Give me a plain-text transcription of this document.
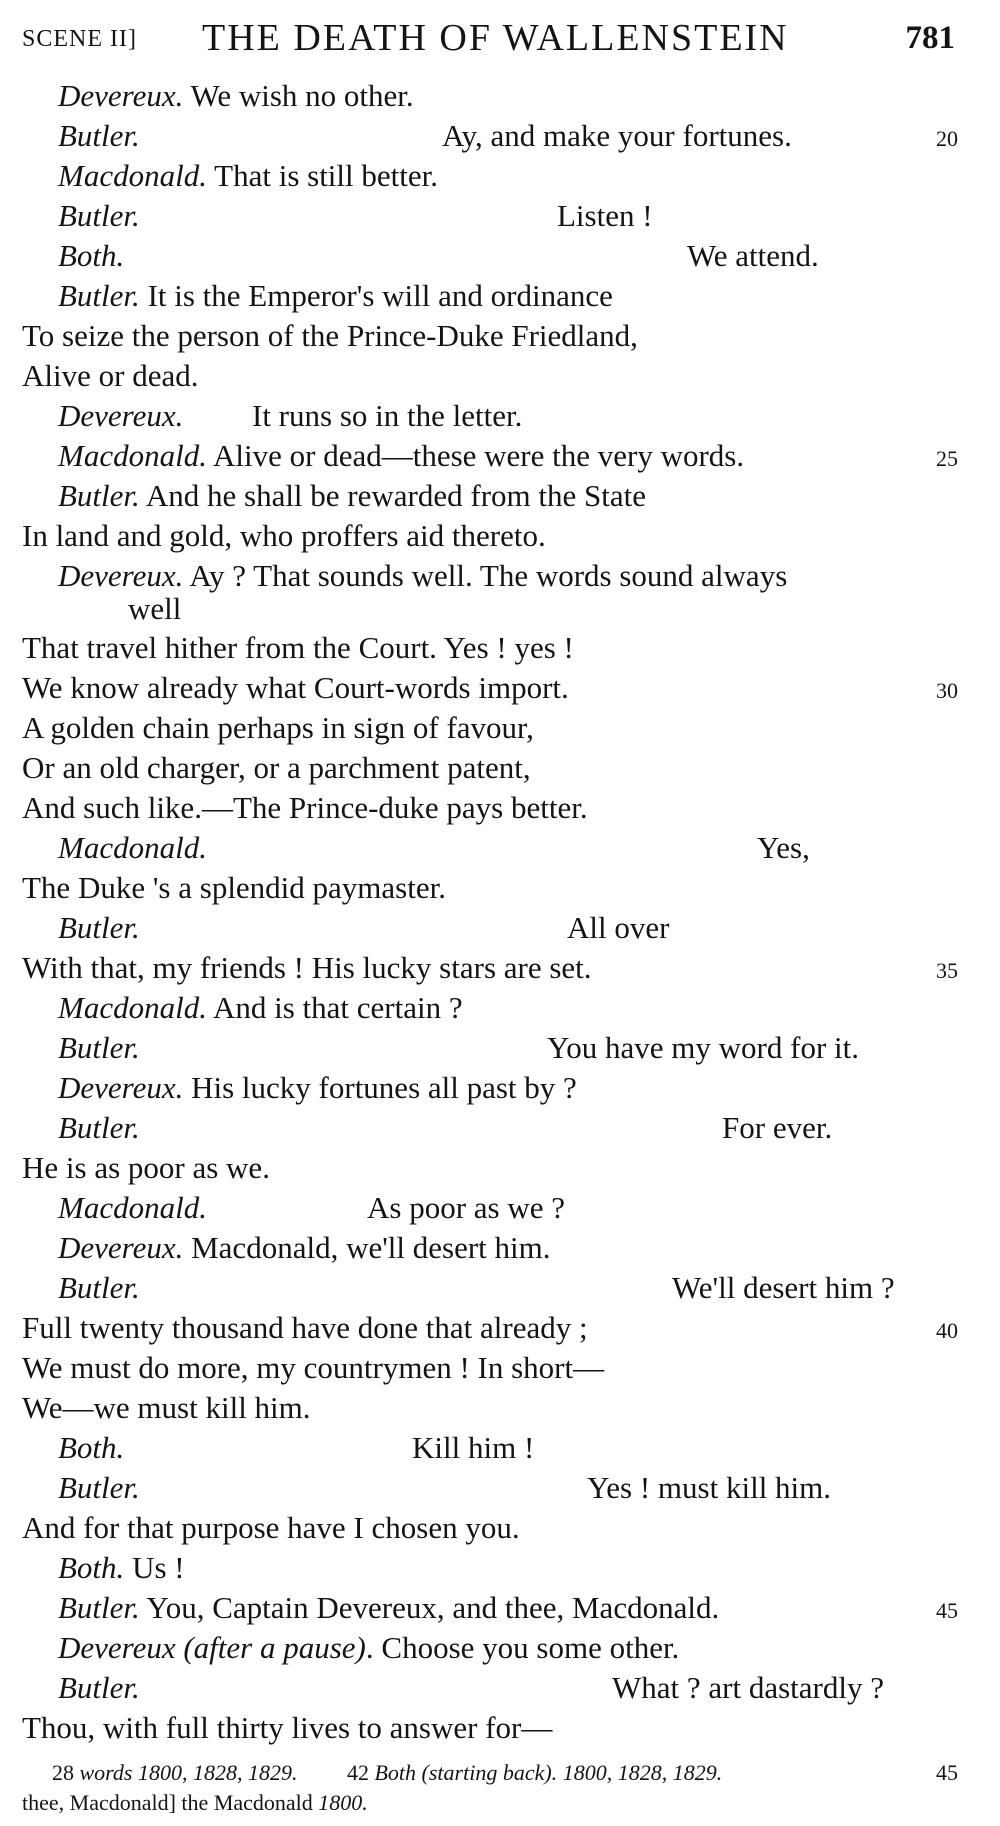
SCENE II] THE DEATH OF WALLENSTEIN	781
Devereux. We wish no other.
Butler.	Ay, and make your fortunes.	20
Macdonald. That is still better.
Butler.	Listen !
Both.	We attend.
Butler. It is the Emperor's will and ordinance
To seize the person of the Prince-Duke Friedland,
Alive or dead.
Devereux. It runs so in the letter.
Macdonald. Alive or dead—these were the very words.	25
Butler. And he shall be rewarded from the State
In land and gold, who proffers aid thereto.
Devereux. Ay ? That sounds well. The words sound always
well
That travel hither from the Court. Yes ! yes !
We know already what Court-words import.	30
A golden chain perhaps in sign of favour,
Or an old charger, or a parchment patent,
And such like.—The Prince-duke pays better.
Macdonald.	Yes,
The Duke 's a splendid paymaster.
Butler.	All over
With that, my friends ! His lucky stars are set.	35
Macdonald. And is that certain ?
Butler.	You have my word for it.
Devereux. His lucky fortunes all past by ?
Butler.	For ever.
He is as poor as we.
Macdonald.	As poor as we ?
Devereux. Macdonald, we'll desert him.
Butler.	We'll desert him ?
Full twenty thousand have done that already ;	40
We must do more, my countrymen ! In short—
We—we must kill him.
Both.	Kill him !
Butler.	Yes ! must kill him.
And for that purpose have I chosen you.
Both. Us !
Butler. You, Captain Devereux, and thee, Macdonald.	45
Devereux (after a pause). Choose you some other.
Butler.	What ? art dastardly ?
Thou, with full thirty lives to answer for—
28 words 1800, 1828, 1829. 42 Both (starting back). 1800, 1828, 1829.	45
thee, Macdonald] the Macdonald 1800.
